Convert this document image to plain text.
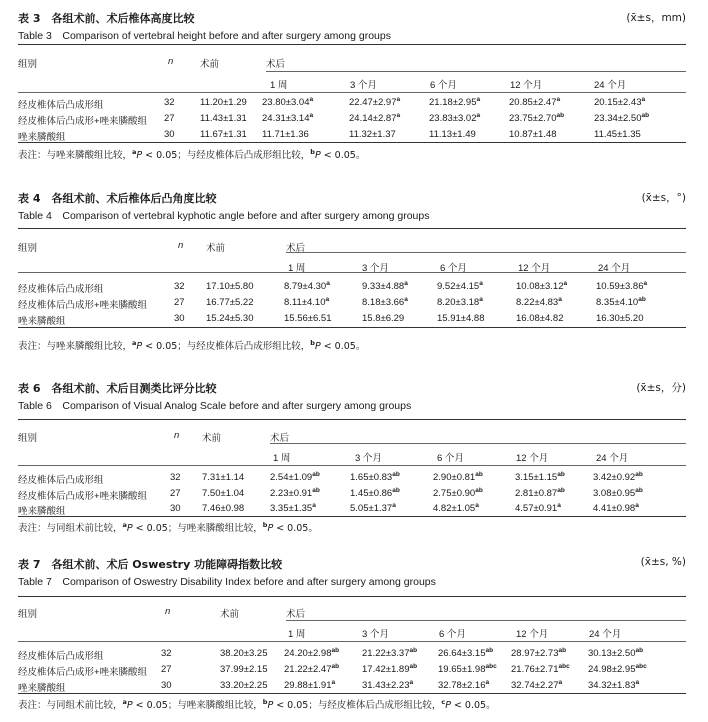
表 3　各组术前、术后椎体高度比较
Table 3　Comparison of vertebral height before and after surgery among groups
(x̄±s，mm)
组别	n	术前	术后
1 周	3 个月	6 个月	12 个月	24 个月
经皮椎体后凸成形组	32	11.20±1.29 23.80±3.04$^a$	22.47±2.97$^a$	21.18±2.95$^a$	20.85±2.47$^a$	20.15±2.43$^a$
经皮椎体后凸成形+唑来膦酸组 27	11.43±1.31 24.31±3.14$^a$	24.14±2.87$^a$	23.83±3.02$^a$	23.75±2.70$^{ab}$	23.34±2.50$^{ab}$
唑来膦酸组	30	11.67±1.31 11.71±1.36	11.32±1.37	11.13±1.49	10.87±1.48	11.45±1.35
表注：与唑来膦酸组比较，$^a$P < 0.05；与经皮椎体后凸成形组比较，$^b$P < 0.05。
表 4　各组术前、术后椎体后凸角度比较
Table 4　Comparison of vertebral kyphotic angle before and after surgery among groups
(x̄±s，°)
组别	n 术前	术后
1 周	3 个月	6 个月	12 个月	24 个月
经皮椎体后凸成形组	32 17.10±5.80	8.79±4.30$^a$	9.33±4.88$^a$	9.52±4.15$^a$	10.08±3.12$^a$	10.59±3.86$^a$
经皮椎体后凸成形+唑来膦酸组	27 16.77±5.22	8.11±4.10$^a$	8.18±3.66$^a$	8.20±3.18$^a$	8.22±4.83$^a$	8.35±4.10$^{ab}$
唑来膦酸组	30 15.24±5.30	15.56±6.51	15.8±6.29	15.91±4.88	16.08±4.82	16.30±5.20
表注：与唑来膦酸组比较，$^a$P < 0.05；与经皮椎体后凸成形组比较，$^b$P < 0.05。
表 6　各组术前、术后目测类比评分比较
Table 6　Comparison of Visual Analog Scale before and after surgery among groups
(x̄±s，分)
组别	n 术前	术后
1 周	3 个月	6 个月	12 个月	24 个月
经皮椎体后凸成形组	32 7.31±1.14	2.54±1.09$^{ab}$	1.65±0.83$^{ab}$	2.90±0.81$^{ab}$	3.15±1.15$^{ab}$	3.42±0.92$^{ab}$
经皮椎体后凸成形+唑来膦酸组 27 7.50±1.04	2.23±0.91$^{ab}$	1.45±0.86$^{ab}$	2.75±0.90$^{ab}$	2.81±0.87$^{ab}$	3.08±0.95$^{ab}$
唑来膦酸组	30 7.46±0.98	3.35±1.35$^a$	5.05±1.37$^a$	4.82±1.05$^a$	4.57±0.91$^a$	4.41±0.98$^a$
表注：与同组术前比较，$^a$P < 0.05；与唑来膦酸组比较，$^b$P < 0.05。
表 7　各组术前、术后 Oswestry 功能障碍指数比较
Table 7　Comparison of Oswestry Disability Index before and after surgery among groups
(x̄±s, %)
组别	n	术前	术后
1 周	3 个月	6 个月	12 个月	24 个月
经皮椎体后凸成形组	32	38.20±3.25 24.20±2.98$^{ab}$ 21.22±3.37$^{ab}$ 26.64±3.15$^{ab}$ 28.97±2.73$^{ab}$ 30.13±2.50$^{ab}$
经皮椎体后凸成形+唑来膦酸组 27	37.99±2.15 21.22±2.47$^{ab}$ 17.42±1.89$^{ab}$ 19.65±1.98$^{abc}$ 21.76±2.71$^{abc}$ 24.98±2.95$^{abc}$
唑来膦酸组	30	33.20±2.25 29.88±1.91$^a$	31.43±2.23$^a$	32.78±2.16$^a$ 32.74±2.27$^a$	34.32±1.83$^a$
表注：与同组术前比较，$^a$P < 0.05；与唑来膦酸组比较，$^b$P < 0.05；与经皮椎体后凸成形组比较，$^c$P < 0.05。
